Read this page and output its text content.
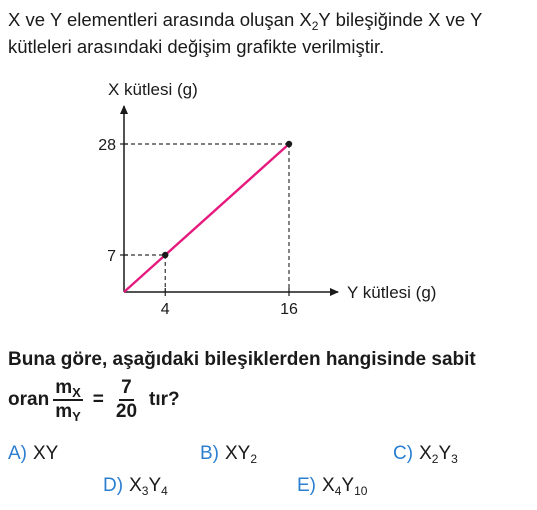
X ve Y elementleri arasında oluşan $X_2Y$ bileşiğinde X ve Y
kütleleri arasındaki değişim grafikte verilmiştir.
X kütlesi (g)
Y kütlesi (g)
4	16
7
28
Buna göre, aşağıdaki bileşiklerden hangisinde sabit
oran $\frac{m_X}{m_Y} = \frac{7}{20}$ tır?
A) XY	B) $XY_2$	C) $X_2Y_3$
D) $X_3Y_4$	E) $X_4Y_{10}$
